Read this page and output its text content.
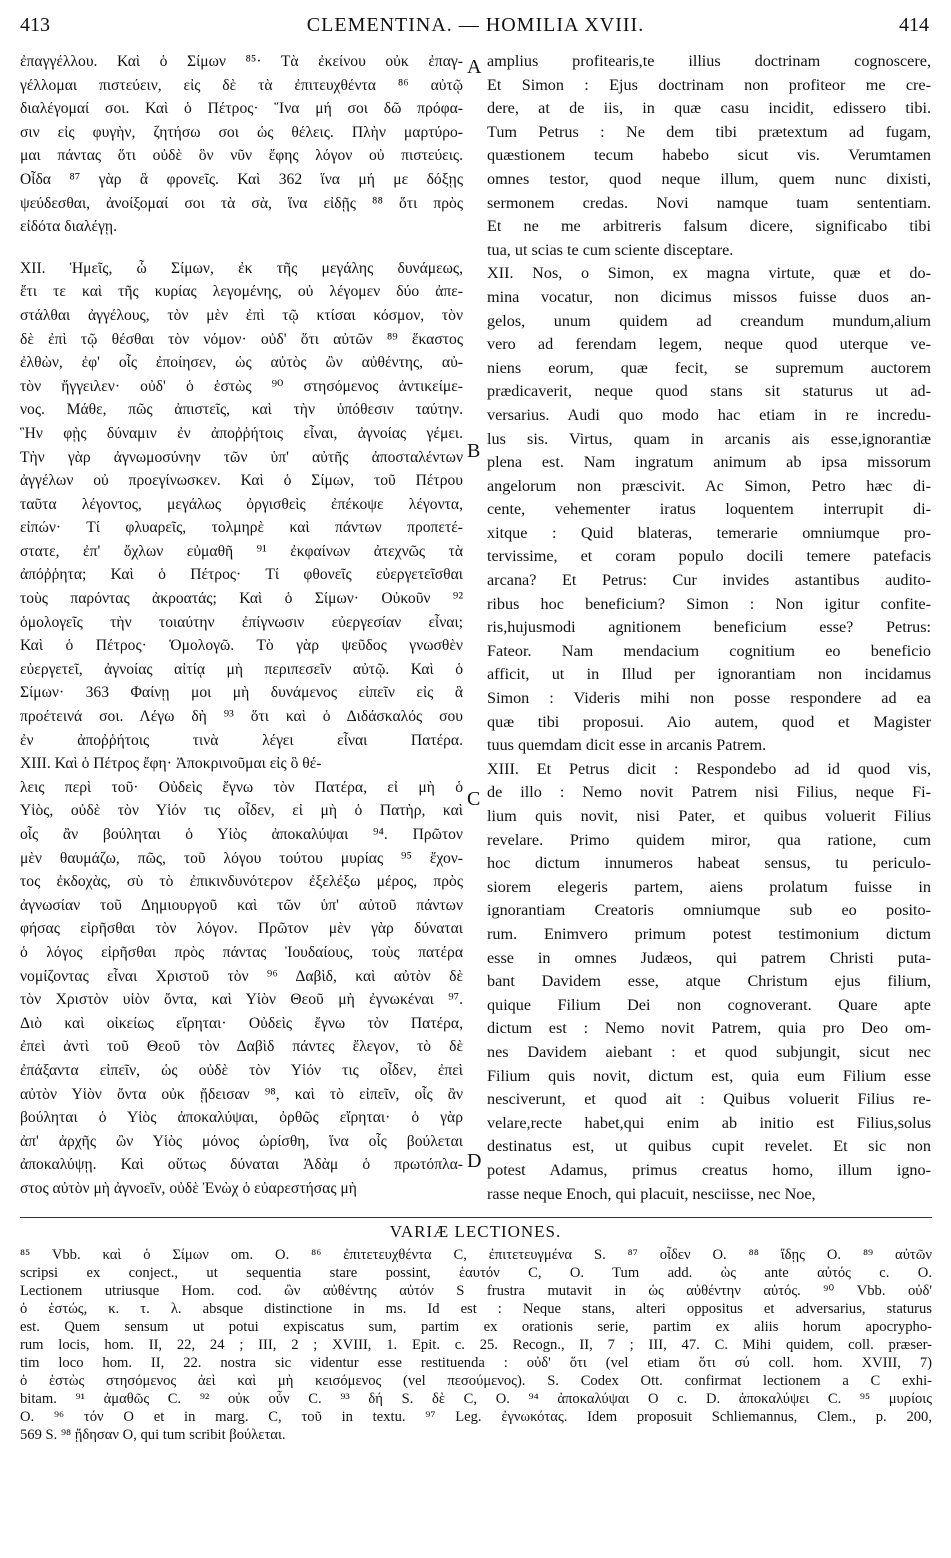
413	CLEMENTINA. — HOMILIA XVIII.	414
ἐπαγγέλλου. Καὶ ὁ Σίμων ⁸⁵· Τὰ ἐκείνου οὐκ ἐπαγ-
γέλλομαι πιστεύειν, εἰς δὲ τὰ ἐπιτευχθέντα ⁸⁶ αὐτῷ
διαλέγομαί σοι. Καὶ ὁ Πέτρος· Ἵνα μή σοι δῶ πρόφα-
σιν εἰς φυγὴν, ζητήσω σοι ὡς θέλεις. Πλὴν μαρτύρο-
μαι πάντας ὅτι οὐδὲ ὃν νῦν ἔφης λόγον οὐ πιστεύεις.
Οἶδα ⁸⁷ γὰρ ἃ φρονεῖς. Καὶ 362 ἵνα μή με δόξῃς
ψεύδεσθαι, ἀνοίξομαί σοι τὰ σὰ, ἵνα εἰδῇς ⁸⁸ ὅτι πρὸς
εἰδότα διαλέγῃ.
XII. Ἡμεῖς, ὦ Σίμων, ἐκ τῆς μεγάλης δυνάμεως,
ἔτι τε καὶ τῆς κυρίας λεγομένης, οὐ λέγομεν δύο ἀπε-
στάλθαι ἀγγέλους, τὸν μὲν ἐπὶ τῷ κτίσαι κόσμον, τὸν
δὲ ἐπὶ τῷ θέσθαι τὸν νόμον· οὐδ' ὅτι αὐτῶν ⁸⁹ ἕκαστος
ἐλθὼν, ἐφ' οἷς ἐποίησεν, ὡς αὐτὸς ὢν αὐθέντης, αὐ-
τὸν ἤγγειλεν· οὐδ' ὁ ἑστὼς ⁹⁰ στησόμενος ἀντικείμε-
νος. Μάθε, πῶς ἀπιστεῖς, καὶ τὴν ὑπόθεσιν ταύτην.
Ἣν φῂς δύναμιν ἐν ἀποῤῥήτοις εἶναι, ἀγνοίας γέμει.
Τὴν γὰρ ἀγνωμοσύνην τῶν ὑπ' αὐτῆς ἀποσταλέντων
ἀγγέλων οὐ προεγίνωσκεν. Καὶ ὁ Σίμων, τοῦ Πέτρου
ταῦτα λέγοντος, μεγάλως ὀργισθεὶς ἐπέκοψε λέγοντα,
εἰπών· Τί φλυαρεῖς, τολμηρὲ καὶ πάντων προπετέ-
στατε, ἐπ' ὄχλων εὐμαθῆ ⁹¹ ἐκφαίνων ἀτεχνῶς τὰ
ἀπόῤῥητα; Καὶ ὁ Πέτρος· Τί φθονεῖς εὐεργετεῖσθαι
τοὺς παρόντας ἀκροατάς; Καὶ ὁ Σίμων· Οὐκοῦν ⁹²
ὁμολογεῖς τὴν τοιαύτην ἐπίγνωσιν εὐεργεσίαν εἶναι;
Καὶ ὁ Πέτρος· Ὁμολογῶ. Τὸ γὰρ ψεῦδος γνωσθὲν
εὐεργετεῖ, ἀγνοίας αἰτίᾳ μὴ περιπεσεῖν αὐτῷ. Καὶ ὁ
Σίμων· 363 Φαίνῃ μοι μὴ δυνάμενος εἰπεῖν εἰς ἃ
προέτεινά σοι. Λέγω δὴ ⁹³ ὅτι καὶ ὁ Διδάσκαλός σου
ἐν ἀποῤῥήτοις τινὰ λέγει εἶναι Πατέρα.
XIII. Καὶ ὁ Πέτρος ἔφη· Ἀποκρινοῦμαι εἰς ὃ θέ-
λεις περὶ τοῦ· Οὐδεὶς ἔγνω τὸν Πατέρα, εἰ μὴ ὁ
Υἱὸς, οὐδὲ τὸν Υἱόν τις οἶδεν, εἰ μὴ ὁ Πατὴρ, καὶ
οἷς ἂν βούληται ὁ Υἱὸς ἀποκαλύψαι ⁹⁴. Πρῶτον
μὲν θαυμάζω, πῶς, τοῦ λόγου τούτου μυρίας ⁹⁵ ἔχον-
τος ἐκδοχὰς, σὺ τὸ ἐπικινδυνότερον ἐξελέξω μέρος, πρὸς
ἀγνωσίαν τοῦ Δημιουργοῦ καὶ τῶν ὑπ' αὐτοῦ πάντων
φήσας εἰρῆσθαι τὸν λόγον. Πρῶτον μὲν γὰρ δύναται
ὁ λόγος εἰρῆσθαι πρὸς πάντας Ἰουδαίους, τοὺς πατέρα
νομίζοντας εἶναι Χριστοῦ τὸν ⁹⁶ Δαβὶδ, καὶ αὐτὸν δὲ
τὸν Χριστὸν υἱὸν ὄντα, καὶ Υἱὸν Θεοῦ μὴ ἐγνωκέναι ⁹⁷.
Διὸ καὶ οἰκείως εἴρηται· Οὐδεὶς ἔγνω τὸν Πατέρα,
ἐπεὶ ἀντὶ τοῦ Θεοῦ τὸν Δαβὶδ πάντες ἔλεγον, τὸ δὲ
ἐπάξαντα εἰπεῖν, ὡς οὐδὲ τὸν Υἱόν τις οἶδεν, ἐπεὶ
αὐτὸν Υἱὸν ὄντα οὐκ ᾔδεισαν ⁹⁸, καὶ τὸ εἰπεῖν, οἷς ἂν
βούληται ὁ Υἱὸς ἀποκαλύψαι, ὀρθῶς εἴρηται· ὁ γὰρ
ἀπ' ἀρχῆς ὢν Υἱὸς μόνος ὡρίσθη, ἵνα οἷς βούλεται
ἀποκαλύψῃ. Καὶ οὕτως δύναται Ἀδὰμ ὁ πρωτόπλα-
στος αὐτὸν μὴ ἀγνοεῖν, οὐδὲ Ἐνὼχ ὁ εὐαρεστήσας μὴ
amplius profitearis,te illius doctrinam cognoscere,
Et Simon : Ejus doctrinam non profiteor me cre-
dere, at de iis, in quæ casu incidit, edissero tibi.
Tum Petrus : Ne dem tibi prætextum ad fugam,
quæstionem tecum habebo sicut vis. Verumtamen
omnes testor, quod neque illum, quem nunc dixisti,
sermonem credas. Novi namque tuam sententiam.
Et ne me arbitreris falsum dicere, significabo tibi
tua, ut scias te cum sciente disceptare.
XII. Nos, o Simon, ex magna virtute, quæ et do-
mina vocatur, non dicimus missos fuisse duos an-
gelos, unum quidem ad creandum mundum,alium
vero ad ferendam legem, neque quod uterque ve-
niens eorum, quæ fecit, se supremum auctorem
prædicaverit, neque quod stans sit staturus ut ad-
versarius. Audi quo modo hac etiam in re incredu-
lus sis. Virtus, quam in arcanis ais esse,ignorantiæ
plena est. Nam ingratum animum ab ipsa missorum
angelorum non præscivit. Ac Simon, Petro hæc di-
cente, vehementer iratus loquentem interrupit di-
xitque : Quid blateras, temerarie omniumque pro-
tervissime, et coram populo docili temere patefacis
arcana? Et Petrus: Cur invides astantibus audito-
ribus hoc beneficium? Simon : Non igitur confite-
ris,hujusmodi agnitionem beneficium esse? Petrus:
Fateor. Nam mendacium cognitium eo beneficio
afficit, ut in Illud per ignorantiam non incidamus
Simon : Videris mihi non posse respondere ad ea
quæ tibi proposui. Aio autem, quod et Magister
tuus quemdam dicit esse in arcanis Patrem.
XIII. Et Petrus dicit : Respondebo ad id quod vis,
de illo : Nemo novit Patrem nisi Filius, neque Fi-
lium quis novit, nisi Pater, et quibus voluerit Filius
revelare. Primo quidem miror, qua ratione, cum
hoc dictum innumeros habeat sensus, tu periculo-
siorem elegeris partem, aiens prolatum fuisse in
ignorantiam Creatoris omniumque sub eo posito-
rum. Enimvero primum potest testimonium dictum
esse in omnes Judæos, qui patrem Christi puta-
bant Davidem esse, atque Christum ejus filium,
quique Filium Dei non cognoverant. Quare apte
dictum est : Nemo novit Patrem, quia pro Deo om-
nes Davidem aiebant : et quod subjungit, sicut nec
Filium quis novit, dictum est, quia eum Filium esse
nesciverunt, et quod ait : Quibus voluerit Filius re-
velare,recte habet,qui enim ab initio est Filius,solus
destinatus est, ut quibus cupit revelet. Et sic non
potest Adamus, primus creatus homo, illum igno-
rasse neque Enoch, qui placuit, nesciisse, nec Noe,
A
B
C
D
VARIÆ LECTIONES.
⁸⁵ Vbb. καὶ ὁ Σίμων om. O. ⁸⁶ ἐπιτετευχθέντα C, ἐπιτετευγμένα S. ⁸⁷ οἶδεν O. ⁸⁸ ἴδῃς O. ⁸⁹ αὐτῶν
scripsi ex conject., ut sequentia stare possint, ἑαυτόν C, O. Tum add. ὡς ante αὐτός c. O.
Lectionem utriusque Hom. cod. ὢν αὐθέντης αὐτόν S frustra mutavit in ὡς αὐθέντην αὐτός. ⁹⁰ Vbb. οὐδ'
ὁ ἑστώς, κ. τ. λ. absque distinctione in ms. Id est : Neque stans, alteri oppositus et adversarius, staturus
est. Quem sensum ut potui expiscatus sum, partim ex orationis serie, partim ex aliis horum apocrypho-
rum locis, hom. II, 22, 24 ; III, 2 ; XVIII, 1. Epit. c. 25. Recogn., II, 7 ; III, 47. C. Mihi quidem, coll. præser-
tim loco hom. II, 22. nostra sic videntur esse restituenda : οὐδ' ὅτι (vel etiam ὅτι σύ coll. hom. XVIII, 7)
ὁ ἑστὼς στησόμενος ἀεὶ καὶ μὴ κεισόμενος (vel πεσούμενος). S. Codex Ott. confirmat lectionem a C exhi-
bitam. ⁹¹ ἀμαθῶς C. ⁹² οὐκ οὖν C. ⁹³ δή S. δὲ C, O. ⁹⁴ ἀποκαλύψαι O c. D. ἀποκαλύψει C. ⁹⁵ μυρίοις
O. ⁹⁶ τόν O et in marg. C, τοῦ in textu. ⁹⁷ Leg. ἐγνωκότας. Idem proposuit Schliemannus, Clem., p. 200,
569 S. ⁹⁸ ᾔδησαν O, qui tum scribit βούλεται.
